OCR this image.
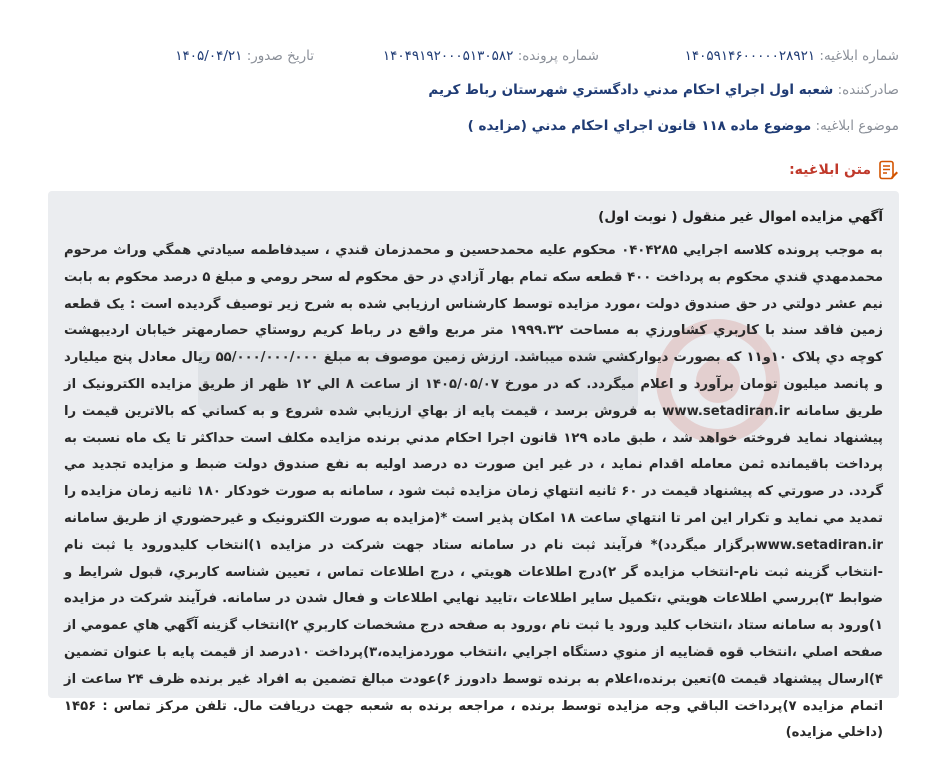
شماره ابلاغیه: ۱۴۰۵۹۱۴۶۰۰۰۰۰۲۸۹۲۱
شماره پرونده: ۱۴۰۴۹۱۹۲۰۰۰۵۱۳۰۵۸۲
تاریخ صدور: ۱۴۰۵/۰۴/۲۱
صادرکننده: شعبه اول اجراي احكام مدني دادگستري شهرستان رباط كريم
موضوع ابلاغیه: موضوع ماده ۱۱۸ قانون اجراي احكام مدني (مزايده )
متن ابلاغیه:
آگهي مزايده اموال غير منقول ( نوبت اول)

به موجب پرونده كلاسه اجرايي ۰۴۰۴۲۸۵ محكوم عليه محمدحسين و محمدزمان قندي ، سيدفاطمه سيادتي همگي وراث مرحوم محمدمهدي قندي محكوم به پرداخت ۴۰۰ قطعه سكه تمام بهار آزادي در حق محكوم له سحر رومي و مبلغ ۵ درصد محكوم به بابت نيم عشر دولتي در حق صندوق دولت ،مورد مزايده توسط كارشناس ارزيابي شده به شرح زير توصيف گرديده است : يک قطعه زمين فاقد سند با كاربري كشاورزي به مساحت ۱۹۹۹.۳۲ متر مربع واقع در رباط كريم روستاي حصارمهتر خيابان ارديبهشت كوچه دي پلاک ۱۰و۱۱ كه بصورت ديواركشي شده ميباشد. ارزش زمين موصوف به مبلغ ۵۵/۰۰۰/۰۰۰/۰۰۰ ريال معادل پنج ميليارد و پانصد ميليون تومان برآورد و اعلام ميگردد. كه در مورخ ۱۴۰۵/۰۵/۰۷ از ساعت ۸ الي ۱۲ ظهر از طريق مزايده الكترونيک از طريق سامانه www.setadiran.ir به فروش برسد ، قيمت پايه از بهاي ارزيابي شده شروع و به كساني كه بالاترين قيمت را پيشنهاد نمايد فروخته خواهد شد ، طبق ماده ۱۲۹ قانون اجرا احكام مدني برنده مزايده مكلف است حداكثر تا يک ماه نسبت به پرداخت باقيمانده ثمن معامله اقدام نمايد ، در غير اين صورت ده درصد اوليه به نفع صندوق دولت ضبط و مزايده تجديد مي گردد. در صورتي كه پيشنهاد قيمت در ۶۰ ثانيه انتهاي زمان مزايده ثبت شود ، سامانه به صورت خودكار ۱۸۰ ثانيه زمان مزايده را تمديد مي نمايد و تكرار اين امر تا انتهاي ساعت ۱۸ امكان پذير است *(مزايده به صورت الكترونيک و غيرحضوري از طريق سامانه www.setadiran.irبرگزار ميگردد)* فرآيند ثبت نام در سامانه ستاد جهت شركت در مزايده ۱)انتخاب كليدورود يا ثبت نام -انتخاب گزينه ثبت نام-انتخاب مزايده گر ۲)درج اطلاعات هويتي ، درج اطلاعات تماس ، تعيين شناسه كاربري، قبول شرايط و ضوابط ۳)بررسي اطلاعات هويتي ،تكميل ساير اطلاعات ،تاييد نهايي اطلاعات و فعال شدن در سامانه. فرآيند شركت در مزايده ۱)ورود به سامانه ستاد ،انتخاب كليد ورود يا ثبت نام ،ورود به صفحه درج مشخصات كاربري ۲)انتخاب گزينه آگهي هاي عمومي از صفحه اصلي ،انتخاب قوه قضاييه از منوي دستگاه اجرايي ،انتخاب موردمزايده،۳)پرداخت ۱۰درصد از قيمت پايه با عنوان تضمين ۴)ارسال پيشنهاد قيمت ۵)تعين برنده،اعلام به برنده توسط دادورز ۶)عودت مبالغ تضمين به افراد غير برنده ظرف ۲۴ ساعت از اتمام مزايده ۷)پرداخت الباقي وجه مزايده توسط برنده ، مراجعه برنده به شعبه جهت دريافت مال. تلفن مركز تماس : ۱۴۵۶ (داخلي مزايده)
